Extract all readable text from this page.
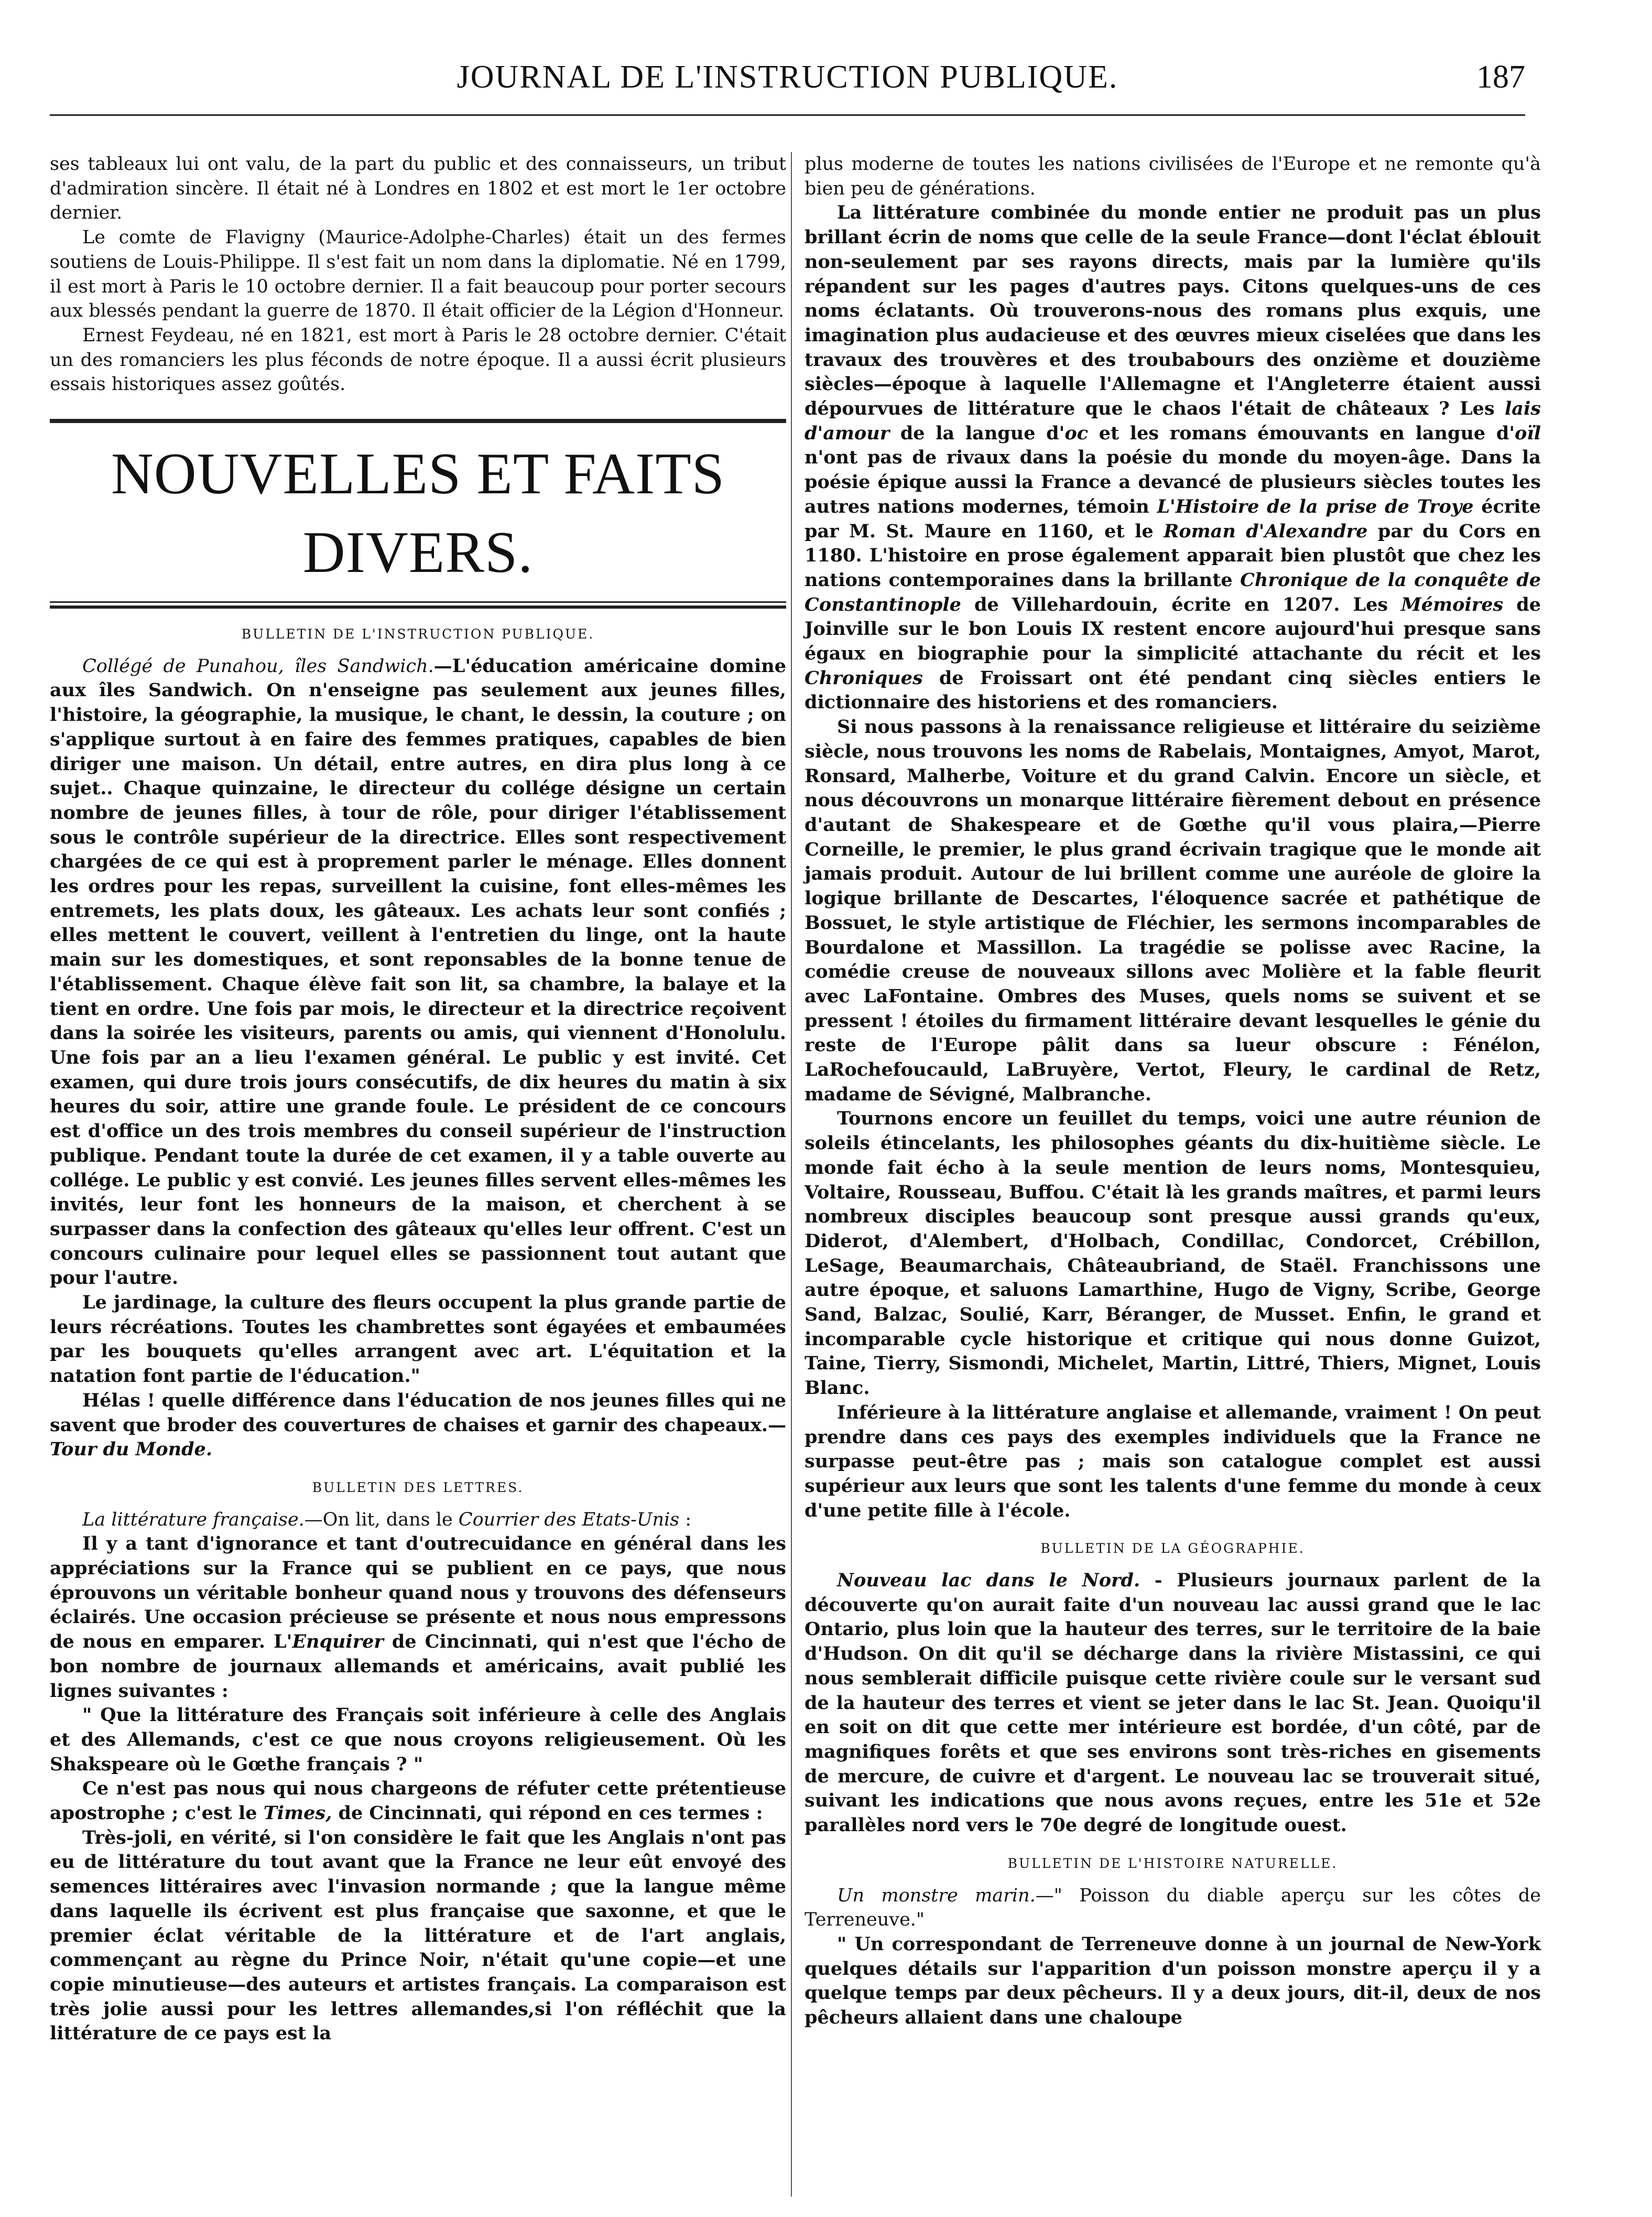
JOURNAL DE L'INSTRUCTION PUBLIQUE.	187

ses tableaux lui ont valu, de la part du public et des connaisseurs, un tribut d'admiration sincère. Il était né à Londres en 1802 et est mort le 1er octobre dernier.

Le comte de Flavigny (Maurice-Adolphe-Charles) était un des fermes soutiens de Louis-Philippe. Il s'est fait un nom dans la diplomatie. Né en 1799, il est mort à Paris le 10 octobre dernier. Il a fait beaucoup pour porter secours aux blessés pendant la guerre de 1870. Il était officier de la Légion d'Honneur.

Ernest Feydeau, né en 1821, est mort à Paris le 28 octobre dernier. C'était un des romanciers les plus féconds de notre époque. Il a aussi écrit plusieurs essais historiques assez goûtés.

NOUVELLES ET FAITS DIVERS.
BULLETIN DE L'INSTRUCTION PUBLIQUE.

Collégé de Punahou, îles Sandwich.—L'éducation américaine domine aux îles Sandwich. On n'enseigne pas seulement aux jeunes filles, l'histoire, la géographie, la musique, le chant, le dessin, la couture ; on s'applique surtout à en faire des femmes pratiques, capables de bien diriger une maison. Un détail, entre autres, en dira plus long à ce sujet.. Chaque quinzaine, le directeur du collége désigne un certain nombre de jeunes filles, à tour de rôle, pour diriger l'établissement sous le contrôle supérieur de la directrice. Elles sont respectivement chargées de ce qui est à proprement parler le ménage. Elles donnent les ordres pour les repas, surveillent la cuisine, font elles-mêmes les entremets, les plats doux, les gâteaux. Les achats leur sont confiés ; elles mettent le couvert, veillent à l'entretien du linge, ont la haute main sur les domestiques, et sont reponsables de la bonne tenue de l'établissement. Chaque élève fait son lit, sa chambre, la balaye et la tient en ordre. Une fois par mois, le directeur et la directrice reçoivent dans la soirée les visiteurs, parents ou amis, qui viennent d'Honolulu. Une fois par an a lieu l'examen général. Le public y est invité. Cet examen, qui dure trois jours consécutifs, de dix heures du matin à six heures du soir, attire une grande foule. Le président de ce concours est d'office un des trois membres du conseil supérieur de l'instruction publique. Pendant toute la durée de cet examen, il y a table ouverte au collége. Le public y est convié. Les jeunes filles servent elles-mêmes les invités, leur font les honneurs de la maison, et cherchent à se surpasser dans la confection des gâteaux qu'elles leur offrent. C'est un concours culinaire pour lequel elles se passionnent tout autant que pour l'autre.

Le jardinage, la culture des fleurs occupent la plus grande partie de leurs récréations. Toutes les chambrettes sont égayées et embaumées par les bouquets qu'elles arrangent avec art. L'équitation et la natation font partie de l'éducation."

Hélas ! quelle différence dans l'éducation de nos jeunes filles qui ne savent que broder des couvertures de chaises et garnir des chapeaux.—Tour du Monde.

BULLETIN DES LETTRES.

La littérature française.—On lit, dans le Courrier des Etats-Unis :

Il y a tant d'ignorance et tant d'outrecuidance en général dans les appréciations sur la France qui se publient en ce pays, que nous éprouvons un véritable bonheur quand nous y trouvons des défenseurs éclairés. Une occasion précieuse se présente et nous nous empressons de nous en emparer. L'Enquirer de Cincinnati, qui n'est que l'écho de bon nombre de journaux allemands et américains, avait publié les lignes suivantes :

" Que la littérature des Français soit inférieure à celle des Anglais et des Allemands, c'est ce que nous croyons religieusement. Où les Shakspeare où le Gœthe français ? "

Ce n'est pas nous qui nous chargeons de réfuter cette prétentieuse apostrophe ; c'est le Times, de Cincinnati, qui répond en ces termes :

Très-joli, en vérité, si l'on considère le fait que les Anglais n'ont pas eu de littérature du tout avant que la France ne leur eût envoyé des semences littéraires avec l'invasion normande ; que la langue même dans laquelle ils écrivent est plus française que saxonne, et que le premier éclat véritable de la littérature et de l'art anglais, commençant au règne du Prince Noir, n'était qu'une copie—et une copie minutieuse—des auteurs et artistes français. La comparaison est très jolie aussi pour les lettres allemandes,si l'on réfléchit que la littérature de ce pays est la

plus moderne de toutes les nations civilisées de l'Europe et ne remonte qu'à bien peu de générations.

La littérature combinée du monde entier ne produit pas un plus brillant écrin de noms que celle de la seule France—dont l'éclat éblouit non-seulement par ses rayons directs, mais par la lumière qu'ils répandent sur les pages d'autres pays. Citons quelques-uns de ces noms éclatants. Où trouverons-nous des romans plus exquis, une imagination plus audacieuse et des œuvres mieux ciselées que dans les travaux des trouvères et des troubabours des onzième et douzième siècles—époque à laquelle l'Allemagne et l'Angleterre étaient aussi dépourvues de littérature que le chaos l'était de châteaux ? Les lais d'amour de la langue d'oc et les romans émouvants en langue d'oïl n'ont pas de rivaux dans la poésie du monde du moyen-âge. Dans la poésie épique aussi la France a devancé de plusieurs siècles toutes les autres nations modernes, témoin L'Histoire de la prise de Troye écrite par M. St. Maure en 1160, et le Roman d'Alexandre par du Cors en 1180. L'histoire en prose également apparait bien plustôt que chez les nations contemporaines dans la brillante Chronique de la conquête de Constantinople de Villehardouin, écrite en 1207. Les Mémoires de Joinville sur le bon Louis IX restent encore aujourd'hui presque sans égaux en biographie pour la simplicité attachante du récit et les Chroniques de Froissart ont été pendant cinq siècles entiers le dictionnaire des historiens et des romanciers.

Si nous passons à la renaissance religieuse et littéraire du seizième siècle, nous trouvons les noms de Rabelais, Montaignes, Amyot, Marot, Ronsard, Malherbe, Voiture et du grand Calvin. Encore un siècle, et nous découvrons un monarque littéraire fièrement debout en présence d'autant de Shakespeare et de Gœthe qu'il vous plaira,—Pierre Corneille, le premier, le plus grand écrivain tragique que le monde ait jamais produit. Autour de lui brillent comme une auréole de gloire la logique brillante de Descartes, l'éloquence sacrée et pathétique de Bossuet, le style artistique de Fléchier, les sermons incomparables de Bourdalone et Massillon. La tragédie se polisse avec Racine, la comédie creuse de nouveaux sillons avec Molière et la fable fleurit avec LaFontaine. Ombres des Muses, quels noms se suivent et se pressent ! étoiles du firmament littéraire devant lesquelles le génie du reste de l'Europe pâlit dans sa lueur obscure : Fénélon, LaRochefoucauld, LaBruyère, Vertot, Fleury, le cardinal de Retz, madame de Sévigné, Malbranche.

Tournons encore un feuillet du temps, voici une autre réunion de soleils étincelants, les philosophes géants du dix-huitième siècle. Le monde fait écho à la seule mention de leurs noms, Montesquieu, Voltaire, Rousseau, Buffou. C'était là les grands maîtres, et parmi leurs nombreux disciples beaucoup sont presque aussi grands qu'eux, Diderot, d'Alembert, d'Holbach, Condillac, Condorcet, Crébillon, LeSage, Beaumarchais, Châteaubriand, de Staël. Franchissons une autre époque, et saluons Lamarthine, Hugo de Vigny, Scribe, George Sand, Balzac, Soulié, Karr, Béranger, de Musset. Enfin, le grand et incomparable cycle historique et critique qui nous donne Guizot, Taine, Tierry, Sismondi, Michelet, Martin, Littré, Thiers, Mignet, Louis Blanc.

Inférieure à la littérature anglaise et allemande, vraiment ! On peut prendre dans ces pays des exemples individuels que la France ne surpasse peut-être pas ; mais son catalogue complet est aussi supérieur aux leurs que sont les talents d'une femme du monde à ceux d'une petite fille à l'école.

BULLETIN DE LA GÉOGRAPHIE.

Nouveau lac dans le Nord. - Plusieurs journaux parlent de la découverte qu'on aurait faite d'un nouveau lac aussi grand que le lac Ontario, plus loin que la hauteur des terres, sur le territoire de la baie d'Hudson. On dit qu'il se décharge dans la rivière Mistassini, ce qui nous semblerait difficile puisque cette rivière coule sur le versant sud de la hauteur des terres et vient se jeter dans le lac St. Jean. Quoiqu'il en soit on dit que cette mer intérieure est bordée, d'un côté, par de magnifiques forêts et que ses environs sont très-riches en gisements de mercure, de cuivre et d'argent. Le nouveau lac se trouverait situé, suivant les indications que nous avons reçues, entre les 51e et 52e parallèles nord vers le 70e degré de longitude ouest.

BULLETIN DE L'HISTOIRE NATURELLE.

Un monstre marin.—" Poisson du diable aperçu sur les côtes de Terreneuve."

" Un correspondant de Terreneuve donne à un journal de New-York quelques détails sur l'apparition d'un poisson monstre aperçu il y a quelque temps par deux pêcheurs. Il y a deux jours, dit-il, deux de nos pêcheurs allaient dans une chaloupe
